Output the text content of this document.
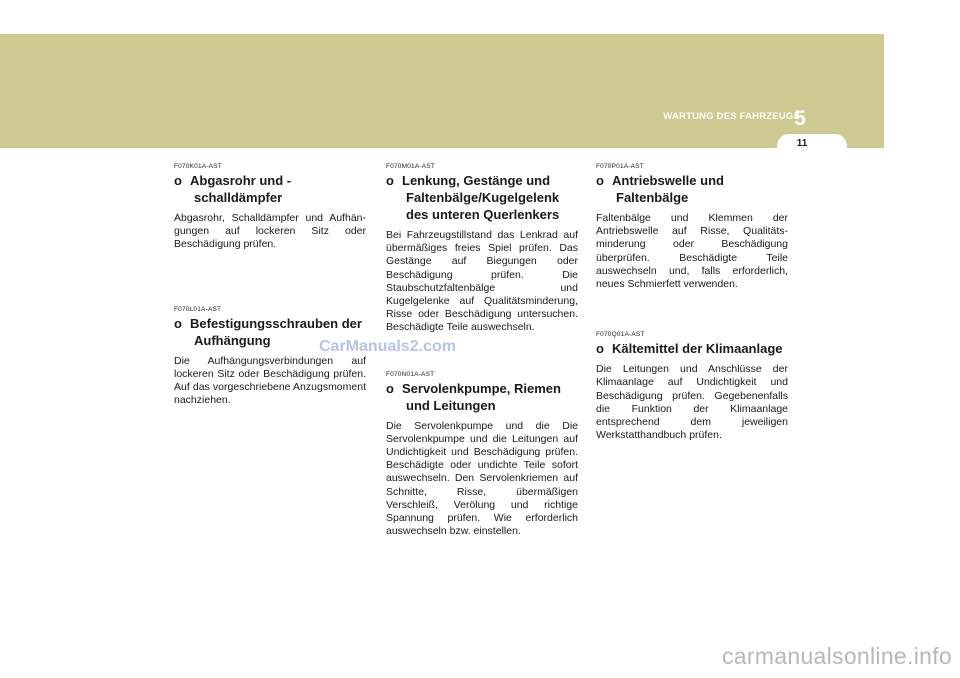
WARTUNG DES FAHRZEUGS
5
11

F070K01A-AST

o Abgasrohr und - schalldämpfer

Abgasrohr, Schalldämpfer und Aufhän-gungen auf lockeren Sitz oder Beschädigung prüfen.

F070L01A-AST

o Befestigungsschrauben der Aufhängung

Die Aufhängungsverbindungen auf lockeren Sitz oder Beschädigung prüfen. Auf das vorgeschriebene Anzugsmoment nachziehen.

F070M01A-AST

o Lenkung, Gestänge und Faltenbälge/Kugelgelenk des unteren Querlenkers

Bei Fahrzeugstillstand das Lenkrad auf übermäßiges freies Spiel prüfen. Das Gestänge auf Biegungen oder Beschädigung prüfen. Die Staubschutzfaltenbälge und Kugelgelenke auf Qualitätsminderung, Risse oder Beschädigung untersuchen. Beschädigte Teile auswechseln.

F070N01A-AST

o Servolenkpumpe, Riemen und Leitungen

Die Servolenkpumpe und die Die Servolenkpumpe und die Leitungen auf Undichtigkeit und Beschädigung prüfen. Beschädigte oder undichte Teile sofort auswechseln. Den Servolenkriemen auf Schnitte, Risse, übermäßigen Verschleiß, Verölung und richtige Spannung prüfen. Wie erforderlich auswechseln bzw. einstellen.

F070P01A-AST

o Antriebswelle und Faltenbälge

Faltenbälge und Klemmen der Antriebswelle auf Risse, Qualitäts-minderung oder Beschädigung überprüfen. Beschädigte Teile auswechseln und, falls erforderlich, neues Schmierfett verwenden.

F070Q01A-AST

o Kältemittel der Klimaanlage

Die Leitungen und Anschlüsse der Klimaanlage auf Undichtigkeit und Beschädigung prüfen. Gegebenenfalls die Funktion der Klimaanlage entsprechend dem jeweiligen Werkstatthandbuch prüfen.

CarManuals2.com
carmanualsonline.info
